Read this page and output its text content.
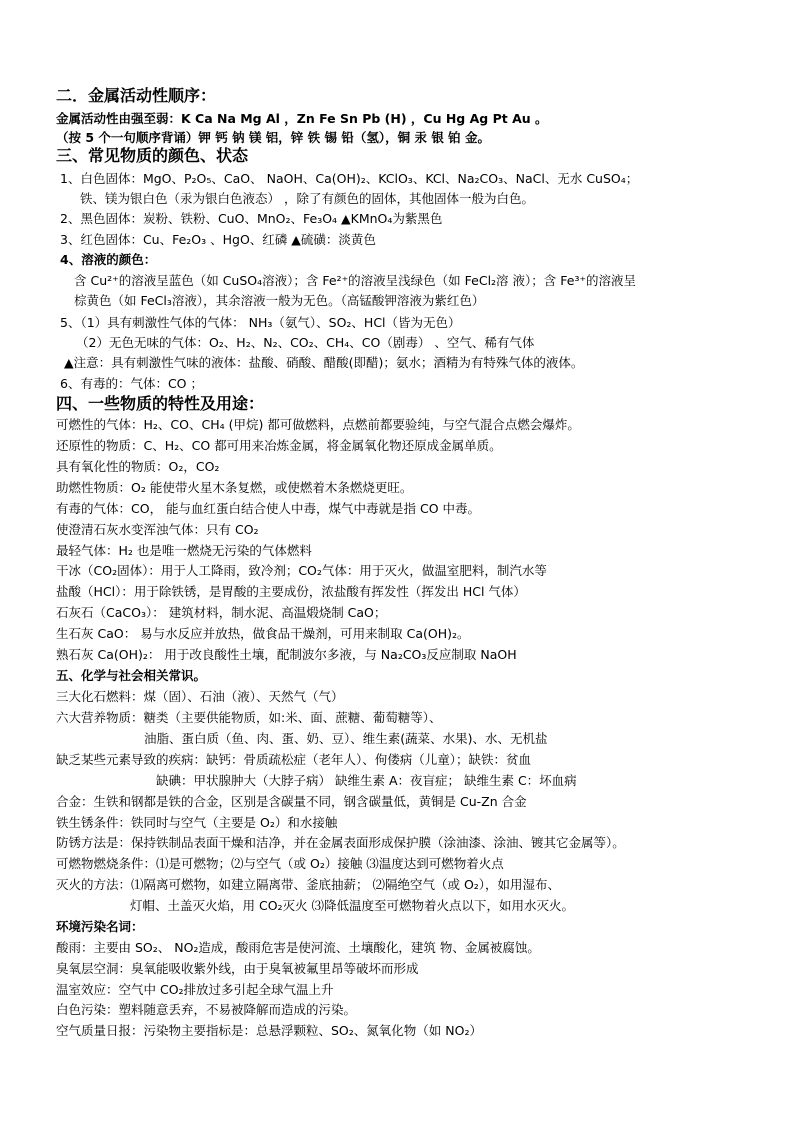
二．金属活动性顺序：
金属活动性由强至弱：K Ca Na Mg Al ，Zn Fe Sn Pb (H) ，Cu Hg Ag Pt Au 。
（按 5 个一句顺序背诵）钾 钙 钠 镁 铝，锌 铁 锡 铅（氢），铜 汞 银 铂 金。
三、常见物质的颜色、状态
1、白色固体：MgO、P₂O₅、CaO、 NaOH、Ca(OH)₂、KClO₃、KCl、Na₂CO₃、NaCl、无水 CuSO₄；
铁、镁为银白色（汞为银白色液态） ，除了有颜色的固体，其他固体一般为白色。
2、黑色固体：炭粉、铁粉、CuO、MnO₂、Fe₃O₄ ▲KMnO₄为紫黑色
3、红色固体：Cu、Fe₂O₃ 、HgO、红磷 ▲硫磺：淡黄色
4、溶液的颜色：
含 Cu²⁺的溶液呈蓝色（如 CuSO₄溶液）；含 Fe²⁺的溶液呈浅绿色（如 FeCl₂溶 液）；含 Fe³⁺的溶液呈
棕黄色（如 FeCl₃溶液），其余溶液一般为无色。（高锰酸钾溶液为紫红色）
5、（1）具有刺激性气体的气体： NH₃（氨气）、SO₂、HCl（皆为无色）
（2）无色无味的气体：O₂、H₂、N₂、CO₂、CH₄、CO（剧毒） 、空气、稀有气体
▲注意：具有刺激性气味的液体：盐酸、硝酸、醋酸(即醋)；氨水；酒精为有特殊气体的液体。
6、有毒的：气体：CO ；
四、一些物质的特性及用途：
可燃性的气体：H₂、CO、CH₄ (甲烷) 都可做燃料，点燃前都要验纯，与空气混合点燃会爆炸。
还原性的物质：C、H₂、CO 都可用来冶炼金属，将金属氧化物还原成金属单质。
具有氧化性的物质：O₂，CO₂
助燃性物质：O₂ 能使带火星木条复燃，或使燃着木条燃烧更旺。
有毒的气体：CO， 能与血红蛋白结合使人中毒，煤气中毒就是指 CO 中毒。
使澄清石灰水变浑浊气体：只有 CO₂
最轻气体：H₂ 也是唯一燃烧无污染的气体燃料
干冰（CO₂固体）：用于人工降雨，致冷剂；CO₂气体：用于灭火，做温室肥料，制汽水等
盐酸（HCl）：用于除铁锈，是胃酸的主要成份，浓盐酸有挥发性（挥发出 HCl 气体）
石灰石（CaCO₃）： 建筑材料，制水泥、高温煅烧制 CaO；
生石灰 CaO： 易与水反应并放热，做食品干燥剂，可用来制取 Ca(OH)₂。
熟石灰 Ca(OH)₂： 用于改良酸性土壤，配制波尔多液，与 Na₂CO₃反应制取 NaOH
五、化学与社会相关常识。
三大化石燃料：煤（固）、石油（液）、天然气（气）
六大营养物质：糖类（主要供能物质，如:米、面、蔗糖、葡萄糖等）、
油脂、蛋白质（鱼、肉、蛋、奶、豆）、维生素(蔬菜、水果)、水、无机盐
缺乏某些元素导致的疾病：缺钙：骨质疏松症（老年人）、佝偻病（儿童）；缺铁：贫血
缺碘：甲状腺肿大（大脖子病） 缺维生素 A：夜盲症； 缺维生素 C：坏血病
合金：生铁和钢都是铁的合金，区别是含碳量不同，钢含碳量低，黄铜是 Cu-Zn 合金
铁生锈条件：铁同时与空气（主要是 O₂）和水接触
防锈方法是：保持铁制品表面干燥和洁净，并在金属表面形成保护膜（涂油漆、涂油、镀其它金属等）。
可燃物燃烧条件：⑴是可燃物；⑵与空气（或 O₂）接触 ⑶温度达到可燃物着火点
灭火的方法：⑴隔离可燃物，如建立隔离带、釜底抽薪； ⑵隔绝空气（或 O₂），如用湿布、
灯帽、土盖灭火焰，用 CO₂灭火 ⑶降低温度至可燃物着火点以下，如用水灭火。
环境污染名词：
酸雨：主要由 SO₂、 NO₂造成，酸雨危害是使河流、土壤酸化，建筑 物、金属被腐蚀。
臭氧层空洞：臭氧能吸收紫外线，由于臭氧被氟里昂等破坏而形成
温室效应：空气中 CO₂排放过多引起全球气温上升
白色污染：塑料随意丢弃，不易被降解而造成的污染。
空气质量日报：污染物主要指标是：总悬浮颗粒、SO₂、氮氧化物（如 NO₂）
